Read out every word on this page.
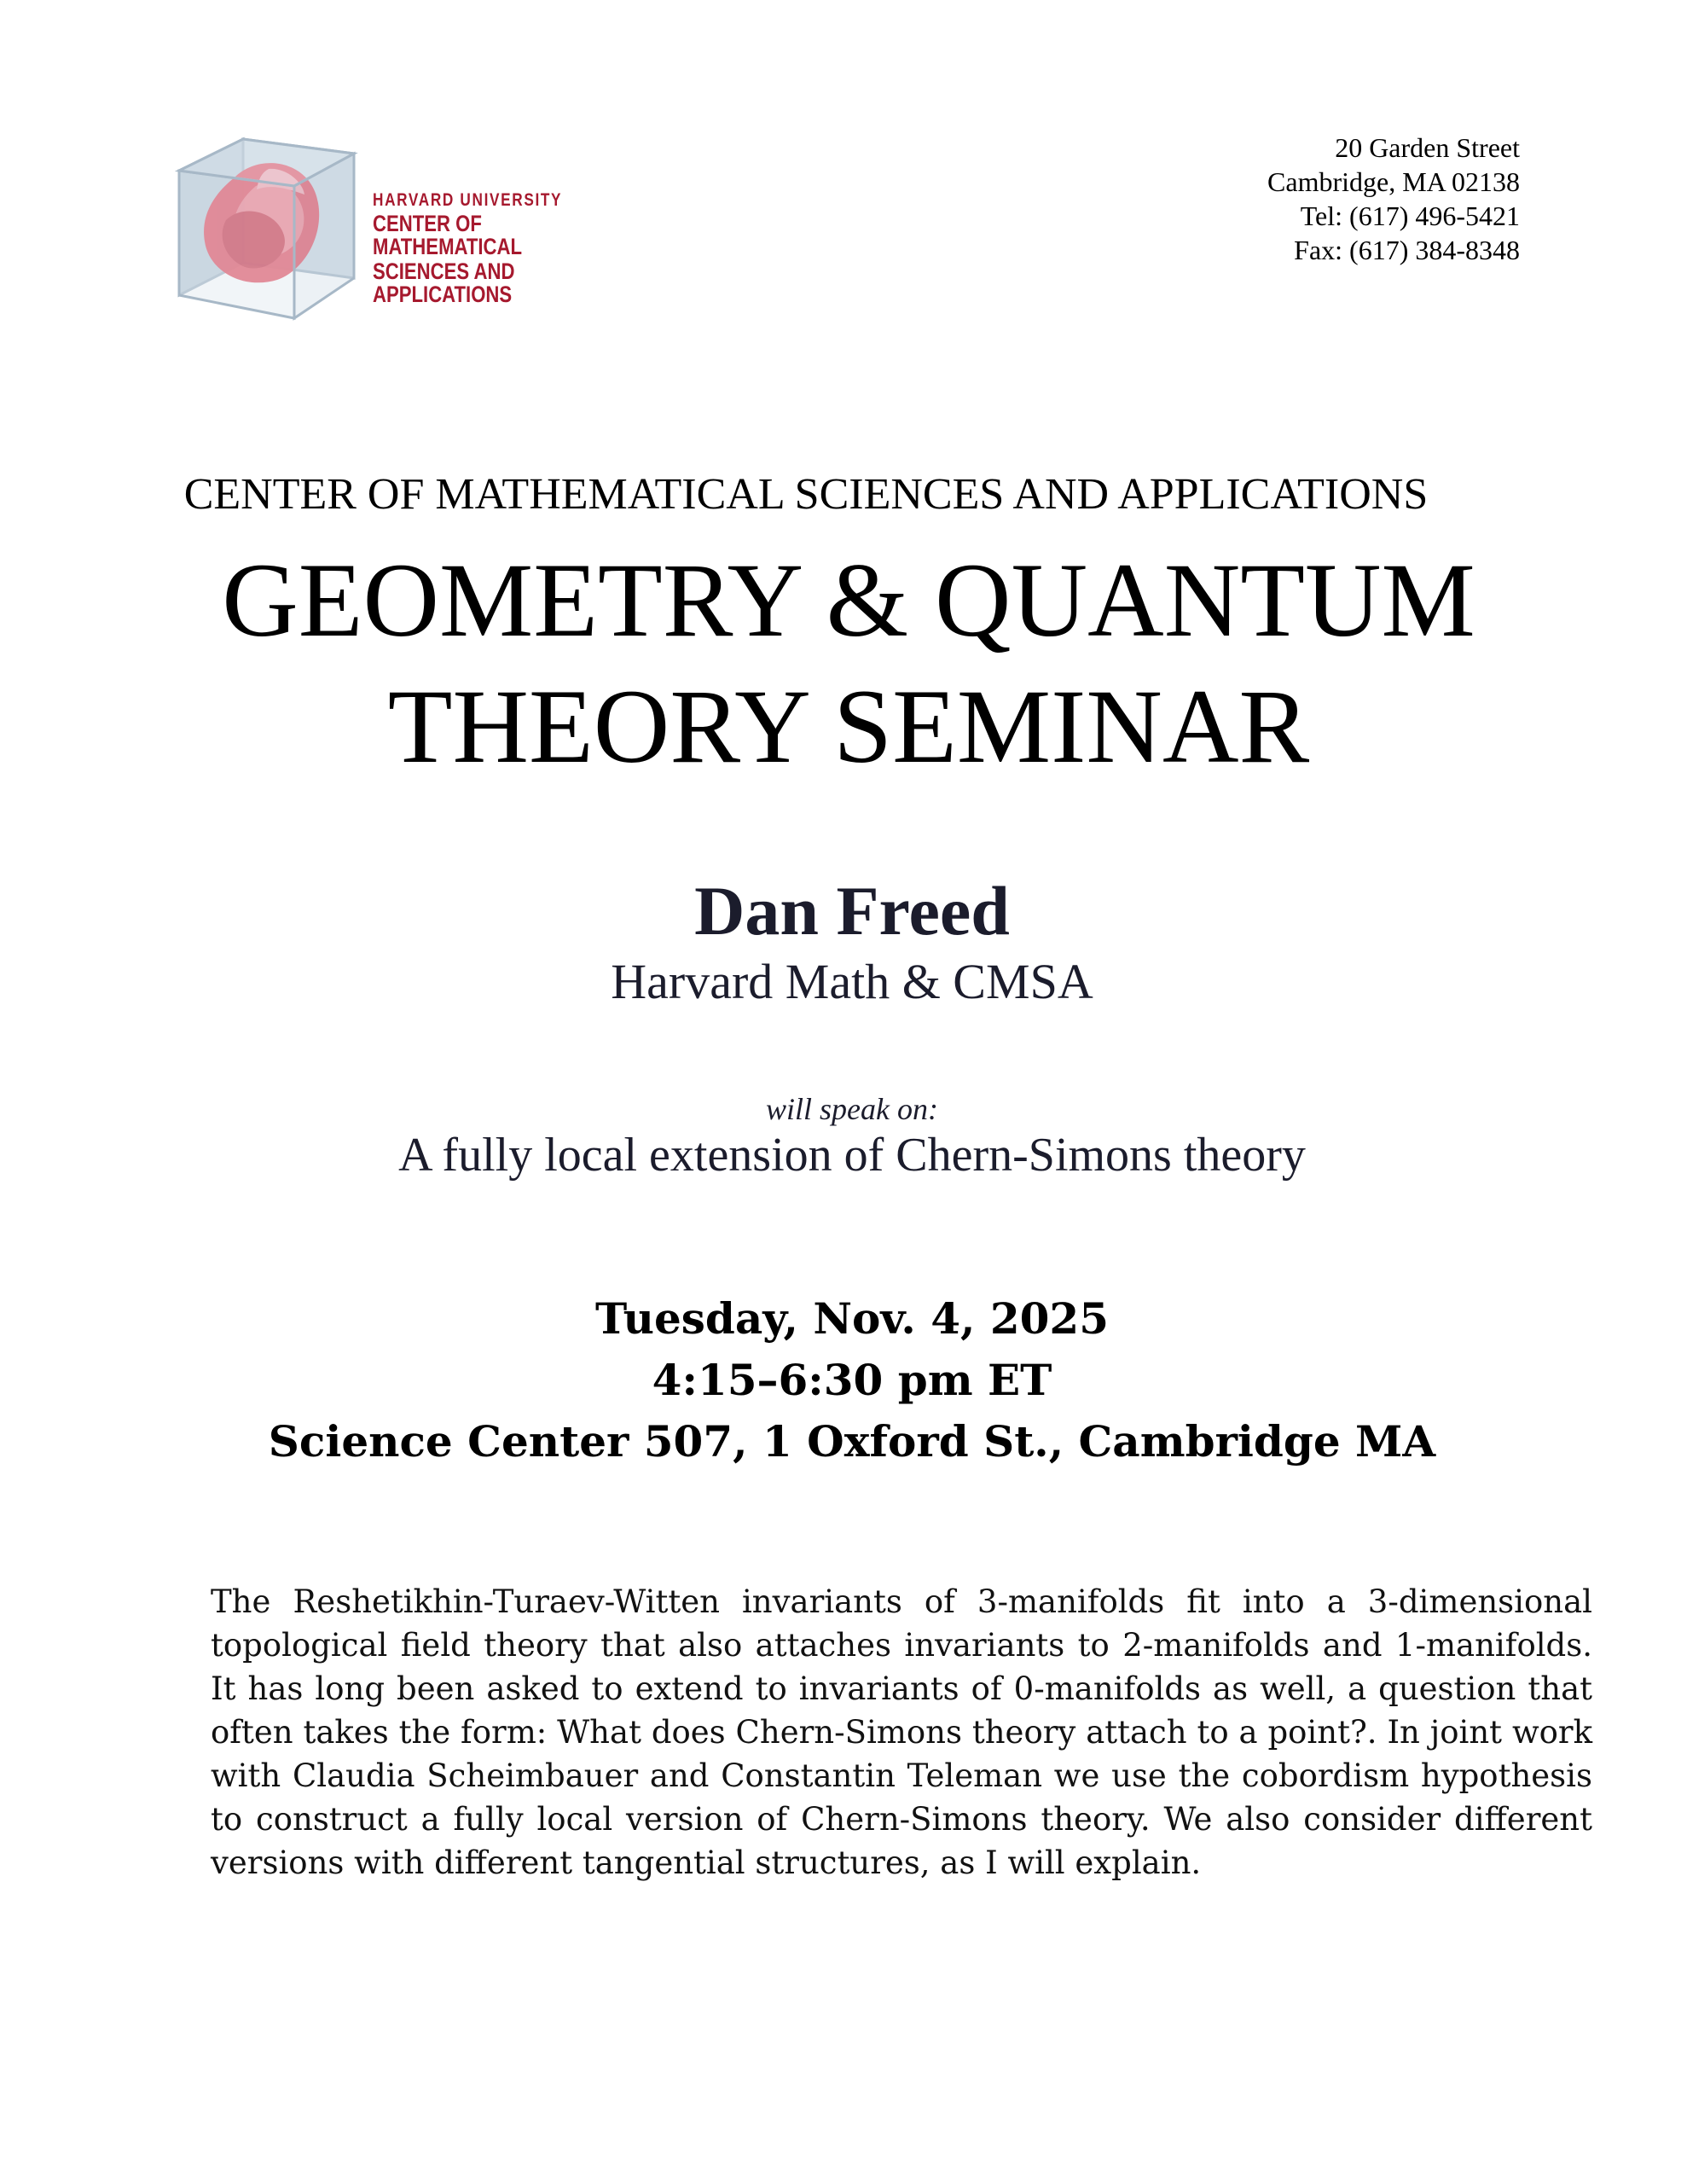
HARVARD UNIVERSITY
CENTER OF MATHEMATICAL
SCIENCES AND APPLICATIONS
20 Garden Street
Cambridge, MA 02138
Tel: (617) 496-5421
Fax: (617) 384-8348
CENTER OF MATHEMATICAL SCIENCES AND APPLICATIONS
GEOMETRY & QUANTUM
THEORY SEMINAR
Dan Freed
Harvard Math & CMSA
will speak on:
A fully local extension of Chern-Simons theory
Tuesday, Nov. 4, 2025
4:15–6:30 pm ET
Science Center 507, 1 Oxford St., Cambridge MA
The Reshetikhin-Turaev-Witten invariants of 3-manifolds fit into a 3-dimensional topological field theory that also attaches invariants to 2-manifolds and 1-manifolds. It has long been asked to extend to invariants of 0-manifolds as well, a question that often takes the form: What does Chern-Simons theory attach to a point?. In joint work with Claudia Scheimbauer and Constantin Teleman we use the cobordism hypothesis to construct a fully local version of Chern-Simons theory. We also consider different versions with different tangential structures, as I will explain.
